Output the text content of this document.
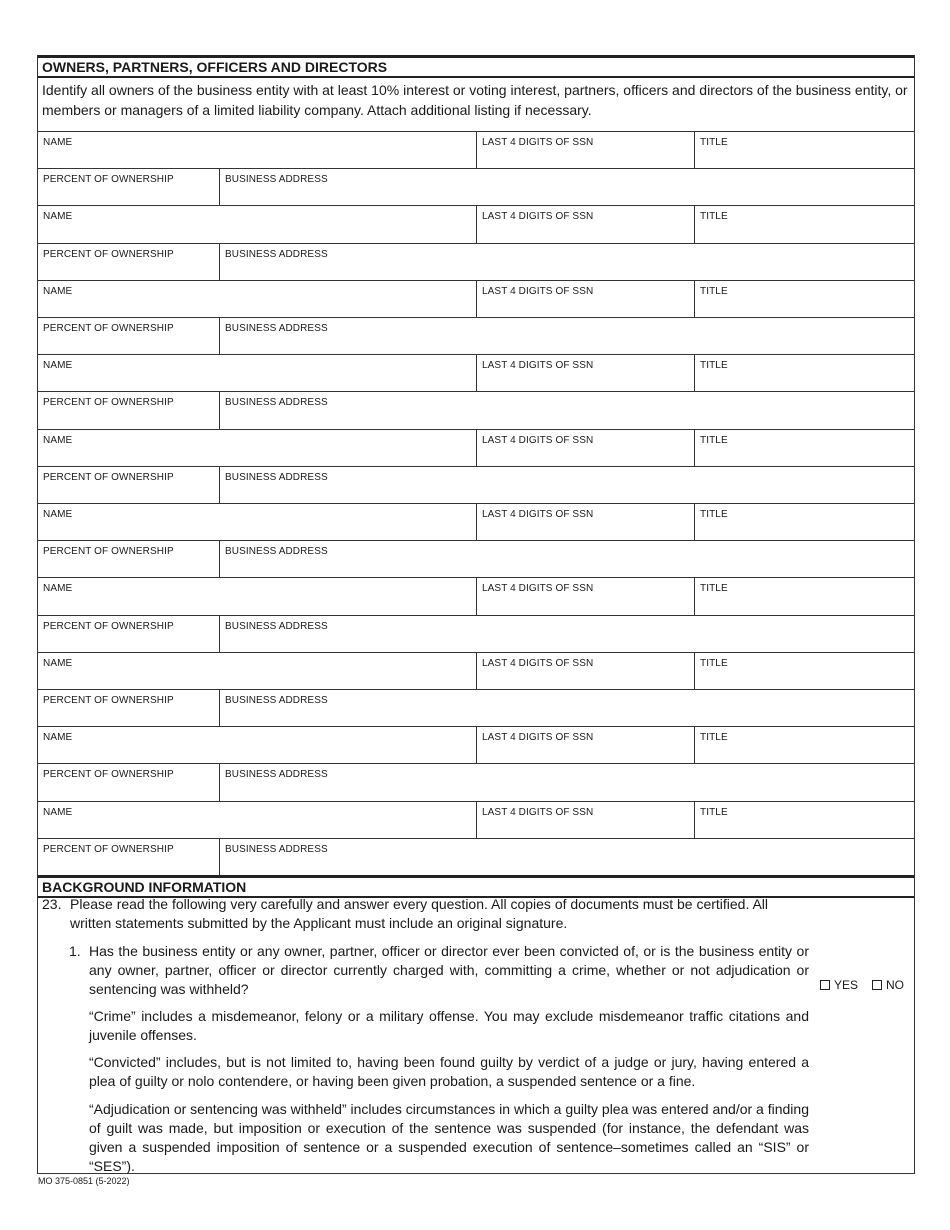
OWNERS, PARTNERS, OFFICERS AND DIRECTORS
Identify all owners of the business entity with at least 10% interest or voting interest, partners, officers and directors of the business entity, or members or managers of a limited liability company. Attach additional listing if necessary.
NAME	LAST 4 DIGITS OF SSN	TITLE
PERCENT OF OWNERSHIP	BUSINESS ADDRESS
NAME	LAST 4 DIGITS OF SSN	TITLE
PERCENT OF OWNERSHIP	BUSINESS ADDRESS
NAME	LAST 4 DIGITS OF SSN	TITLE
PERCENT OF OWNERSHIP	BUSINESS ADDRESS
NAME	LAST 4 DIGITS OF SSN	TITLE
PERCENT OF OWNERSHIP	BUSINESS ADDRESS
NAME	LAST 4 DIGITS OF SSN	TITLE
PERCENT OF OWNERSHIP	BUSINESS ADDRESS
NAME	LAST 4 DIGITS OF SSN	TITLE
PERCENT OF OWNERSHIP	BUSINESS ADDRESS
NAME	LAST 4 DIGITS OF SSN	TITLE
PERCENT OF OWNERSHIP	BUSINESS ADDRESS
NAME	LAST 4 DIGITS OF SSN	TITLE
PERCENT OF OWNERSHIP	BUSINESS ADDRESS
NAME	LAST 4 DIGITS OF SSN	TITLE
PERCENT OF OWNERSHIP	BUSINESS ADDRESS
NAME	LAST 4 DIGITS OF SSN	TITLE
PERCENT OF OWNERSHIP	BUSINESS ADDRESS
BACKGROUND INFORMATION
23. Please read the following very carefully and answer every question. All copies of documents must be certified. All written statements submitted by the Applicant must include an original signature.
1. Has the business entity or any owner, partner, officer or director ever been convicted of, or is the business entity or any owner, partner, officer or director currently charged with, committing a crime, whether or not adjudication or sentencing was withheld?	YES NO
“Crime” includes a misdemeanor, felony or a military offense. You may exclude misdemeanor traffic citations and juvenile offenses.
“Convicted” includes, but is not limited to, having been found guilty by verdict of a judge or jury, having entered a plea of guilty or nolo contendere, or having been given probation, a suspended sentence or a fine.
“Adjudication or sentencing was withheld” includes circumstances in which a guilty plea was entered and/or a finding of guilt was made, but imposition or execution of the sentence was suspended (for instance, the defendant was given a suspended imposition of sentence or a suspended execution of sentence–sometimes called an “SIS” or “SES”).
MO 375-0851 (5-2022)
